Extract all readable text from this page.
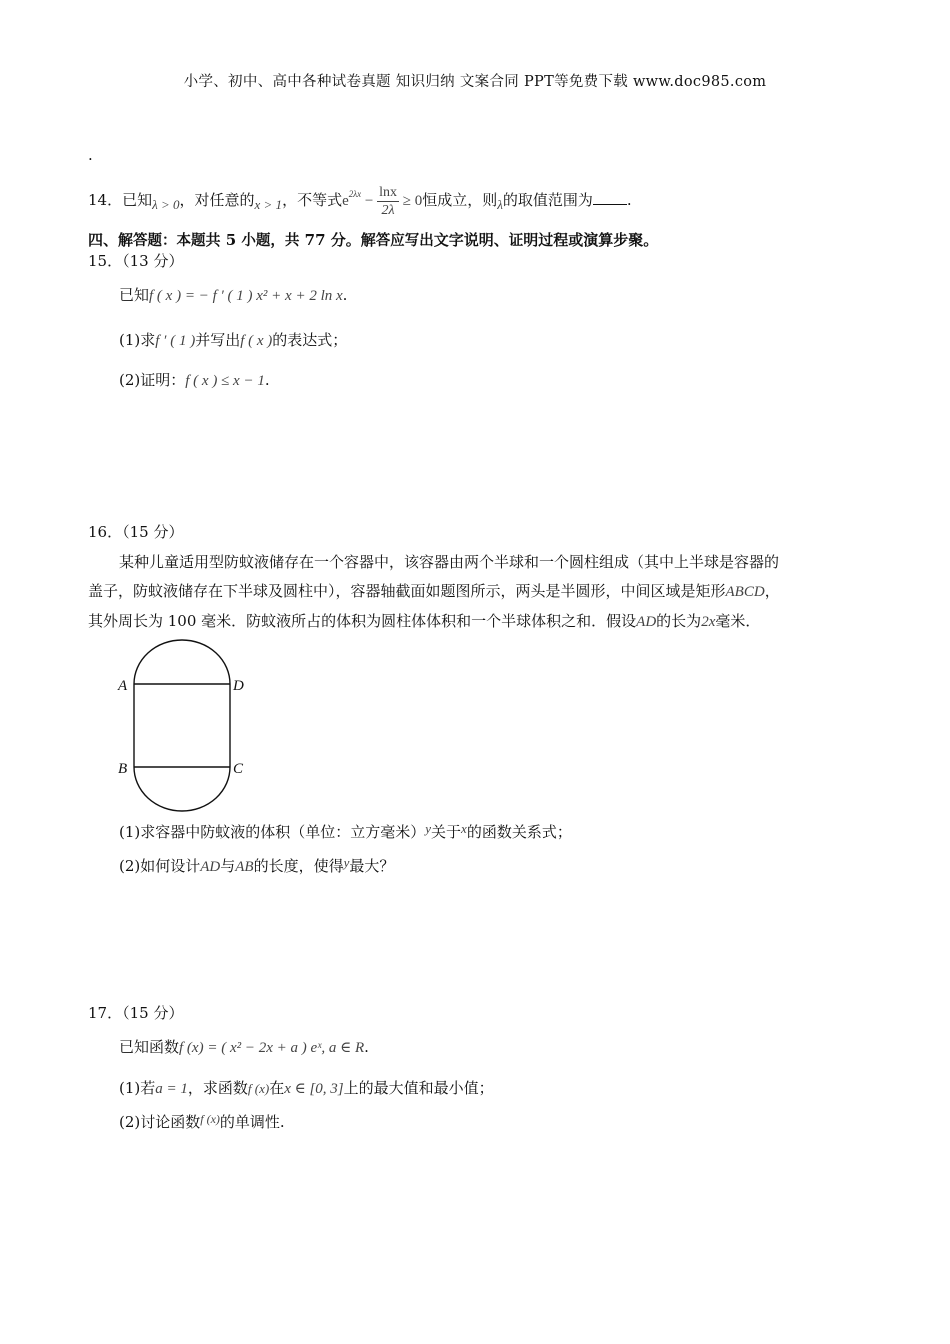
小学、初中、高中各种试卷真题 知识归纳 文案合同 PPT等免费下载 www.doc985.com
.
14．已知λ > 0，对任意的x > 1，不等式$e^{2\lambda x} - \frac{\ln x}{2\lambda} \ge 0$恒成立，则λ的取值范围为 .
四、解答题：本题共 5 小题，共 77 分。解答应写出文字说明、证明过程或演算步聚。
15．（13 分）
已知f ( x ) = − f ′ ( 1 ) x² + x + 2 ln x.
(1)求f ′ ( 1 )并写出f ( x )的表达式；
(2)证明：f ( x ) ≤ x − 1.
16．（15 分）
某种儿童适用型防蚊液储存在一个容器中，该容器由两个半球和一个圆柱组成（其中上半球是容器的
盖子，防蚊液储存在下半球及圆柱中），容器轴截面如题图所示，两头是半圆形，中间区域是矩形ABCD，
其外周长为 100 毫米．防蚊液所占的体积为圆柱体体积和一个半球体积之和．假设AD的长为2x毫米．
A	D
B	C
(1)求容器中防蚊液的体积（单位：立方毫米）y关于x的函数关系式；
(2)如何设计AD与AB的长度，使得y最大？
17．（15 分）
已知函数f (x) = ( x² − 2x + a ) eˣ, a ∈ R.
(1)若a = 1，求函数f (x)在x ∈ [0, 3]上的最大值和最小值；
(2)讨论函数$^{f (x)}$的单调性.
